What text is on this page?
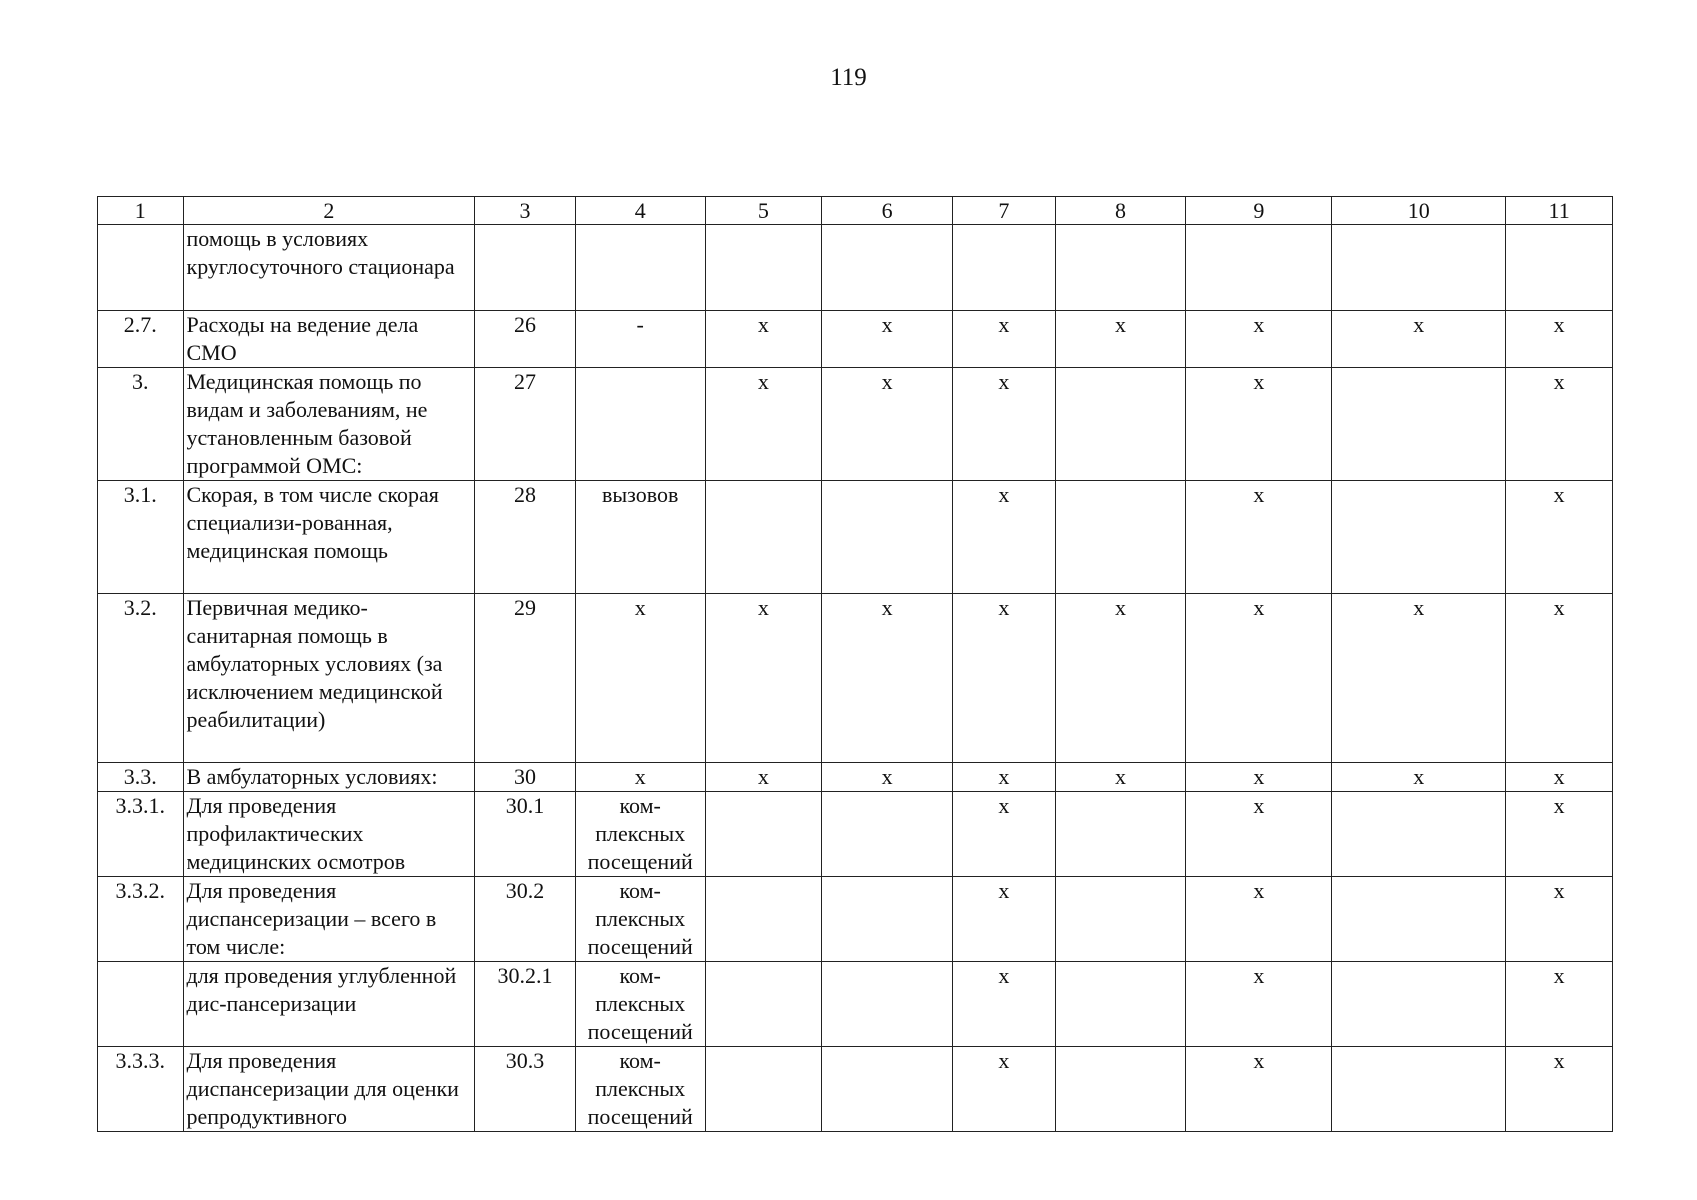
119
1	2	3	4	5	6	7	8	9	10	11
	помощь в условиях круглосуточного стационара									
2.7.	Расходы на ведение дела СМО	26	-	х	х	х	х	х	х	х
3.	Медицинская помощь по видам и заболеваниям, не установленным базовой программой ОМС:	27		х	х	х		х		х
3.1.	Скорая, в том числе скорая специализи-рованная, медицинская помощь	28	вызовов			х		х		х
3.2.	Первичная медико-санитарная помощь в амбулаторных условиях (за исключением медицинской реабилитации)	29	х	х	х	х	х	х	х	х
3.3.	В амбулаторных условиях:	30	х	х	х	х	х	х	х	х
3.3.1.	Для проведения профилактических медицинских осмотров	30.1	ком-плексных посещений			х		х		х
3.3.2.	Для проведения диспансеризации – всего в том числе:	30.2	ком-плексных посещений			х		х		х
	для проведения углубленной дис-пансеризации	30.2.1	ком-плексных посещений			х		х		х
3.3.3.	Для проведения диспансеризации для оценки репродуктивного	30.3	ком-плексных посещений			х		х		х
